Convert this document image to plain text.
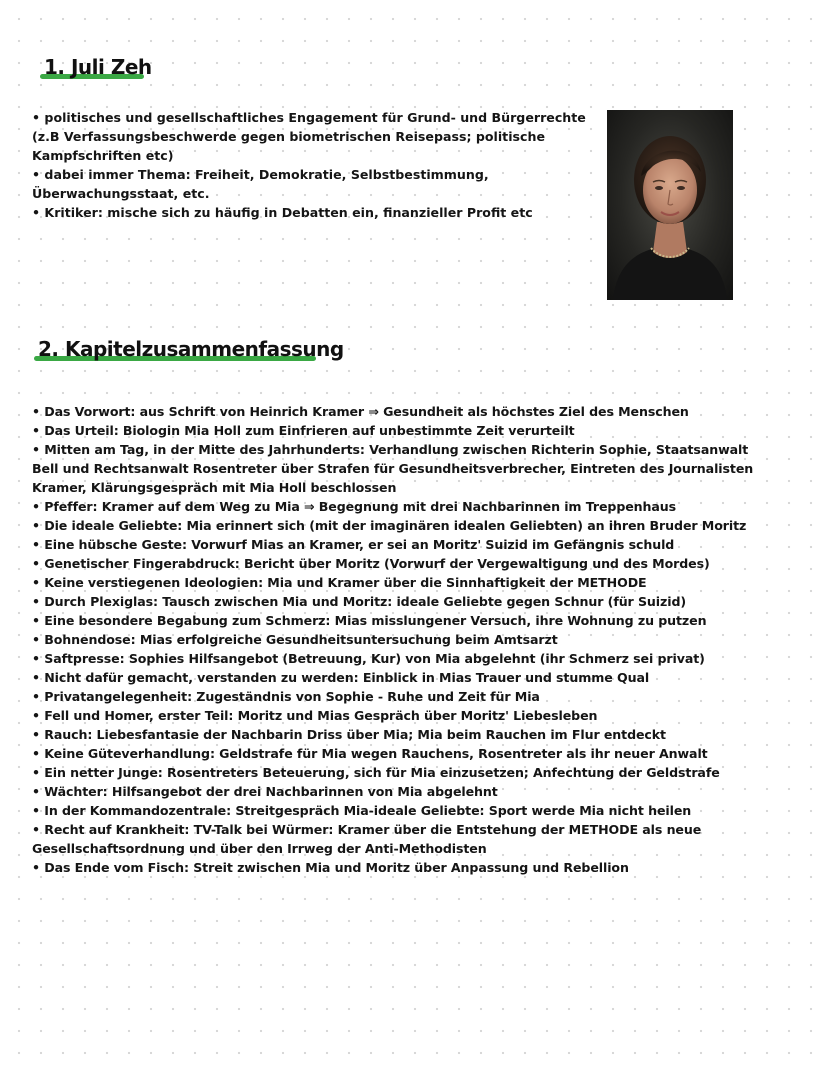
1. Juli Zeh
• politisches und gesellschaftliches Engagement für Grund- und Bürgerrechte (z.B Verfassungsbeschwerde gegen biometrischen Reisepass; politische Kampfschriften etc)
• dabei immer Thema: Freiheit, Demokratie, Selbstbestimmung, Überwachungsstaat, etc.
• Kritiker: mische sich zu häufig in Debatten ein, finanzieller Profit etc
2. Kapitelzusammenfassung
• Das Vorwort: aus Schrift von Heinrich Kramer ⇒ Gesundheit als höchstes Ziel des Menschen
• Das Urteil: Biologin Mia Holl zum Einfrieren auf unbestimmte Zeit verurteilt
• Mitten am Tag, in der Mitte des Jahrhunderts: Verhandlung zwischen Richterin Sophie, Staatsanwalt Bell und Rechtsanwalt Rosentreter über Strafen für Gesundheitsverbrecher, Eintreten des Journalisten Kramer, Klärungsgespräch mit Mia Holl beschlossen
• Pfeffer: Kramer auf dem Weg zu Mia ⇒ Begegnung mit drei Nachbarinnen im Treppenhaus
• Die ideale Geliebte: Mia erinnert sich (mit der imaginären idealen Geliebten) an ihren Bruder Moritz
• Eine hübsche Geste: Vorwurf Mias an Kramer, er sei an Moritz' Suizid im Gefängnis schuld
• Genetischer Fingerabdruck: Bericht über Moritz (Vorwurf der Vergewaltigung und des Mordes)
• Keine verstiegenen Ideologien: Mia und Kramer über die Sinnhaftigkeit der METHODE
• Durch Plexiglas: Tausch zwischen Mia und Moritz: ideale Geliebte gegen Schnur (für Suizid)
• Eine besondere Begabung zum Schmerz: Mias misslungener Versuch, ihre Wohnung zu putzen
• Bohnendose: Mias erfolgreiche Gesundheitsuntersuchung beim Amtsarzt
• Saftpresse: Sophies Hilfsangebot (Betreuung, Kur) von Mia abgelehnt (ihr Schmerz sei privat)
• Nicht dafür gemacht, verstanden zu werden: Einblick in Mias Trauer und stumme Qual
• Privatangelegenheit: Zugeständnis von Sophie - Ruhe und Zeit für Mia
• Fell und Homer, erster Teil: Moritz und Mias Gespräch über Moritz' Liebesleben
• Rauch: Liebesfantasie der Nachbarin Driss über Mia; Mia beim Rauchen im Flur entdeckt
• Keine Güteverhandlung: Geldstrafe für Mia wegen Rauchens, Rosentreter als ihr neuer Anwalt
• Ein netter Junge: Rosentreters Beteuerung, sich für Mia einzusetzen; Anfechtung der Geldstrafe
• Wächter: Hilfsangebot der drei Nachbarinnen von Mia abgelehnt
• In der Kommandozentrale: Streitgespräch Mia-ideale Geliebte: Sport werde Mia nicht heilen
• Recht auf Krankheit: TV-Talk bei Würmer: Kramer über die Entstehung der METHODE als neue Gesellschaftsordnung und über den Irrweg der Anti-Methodisten
• Das Ende vom Fisch: Streit zwischen Mia und Moritz über Anpassung und Rebellion
